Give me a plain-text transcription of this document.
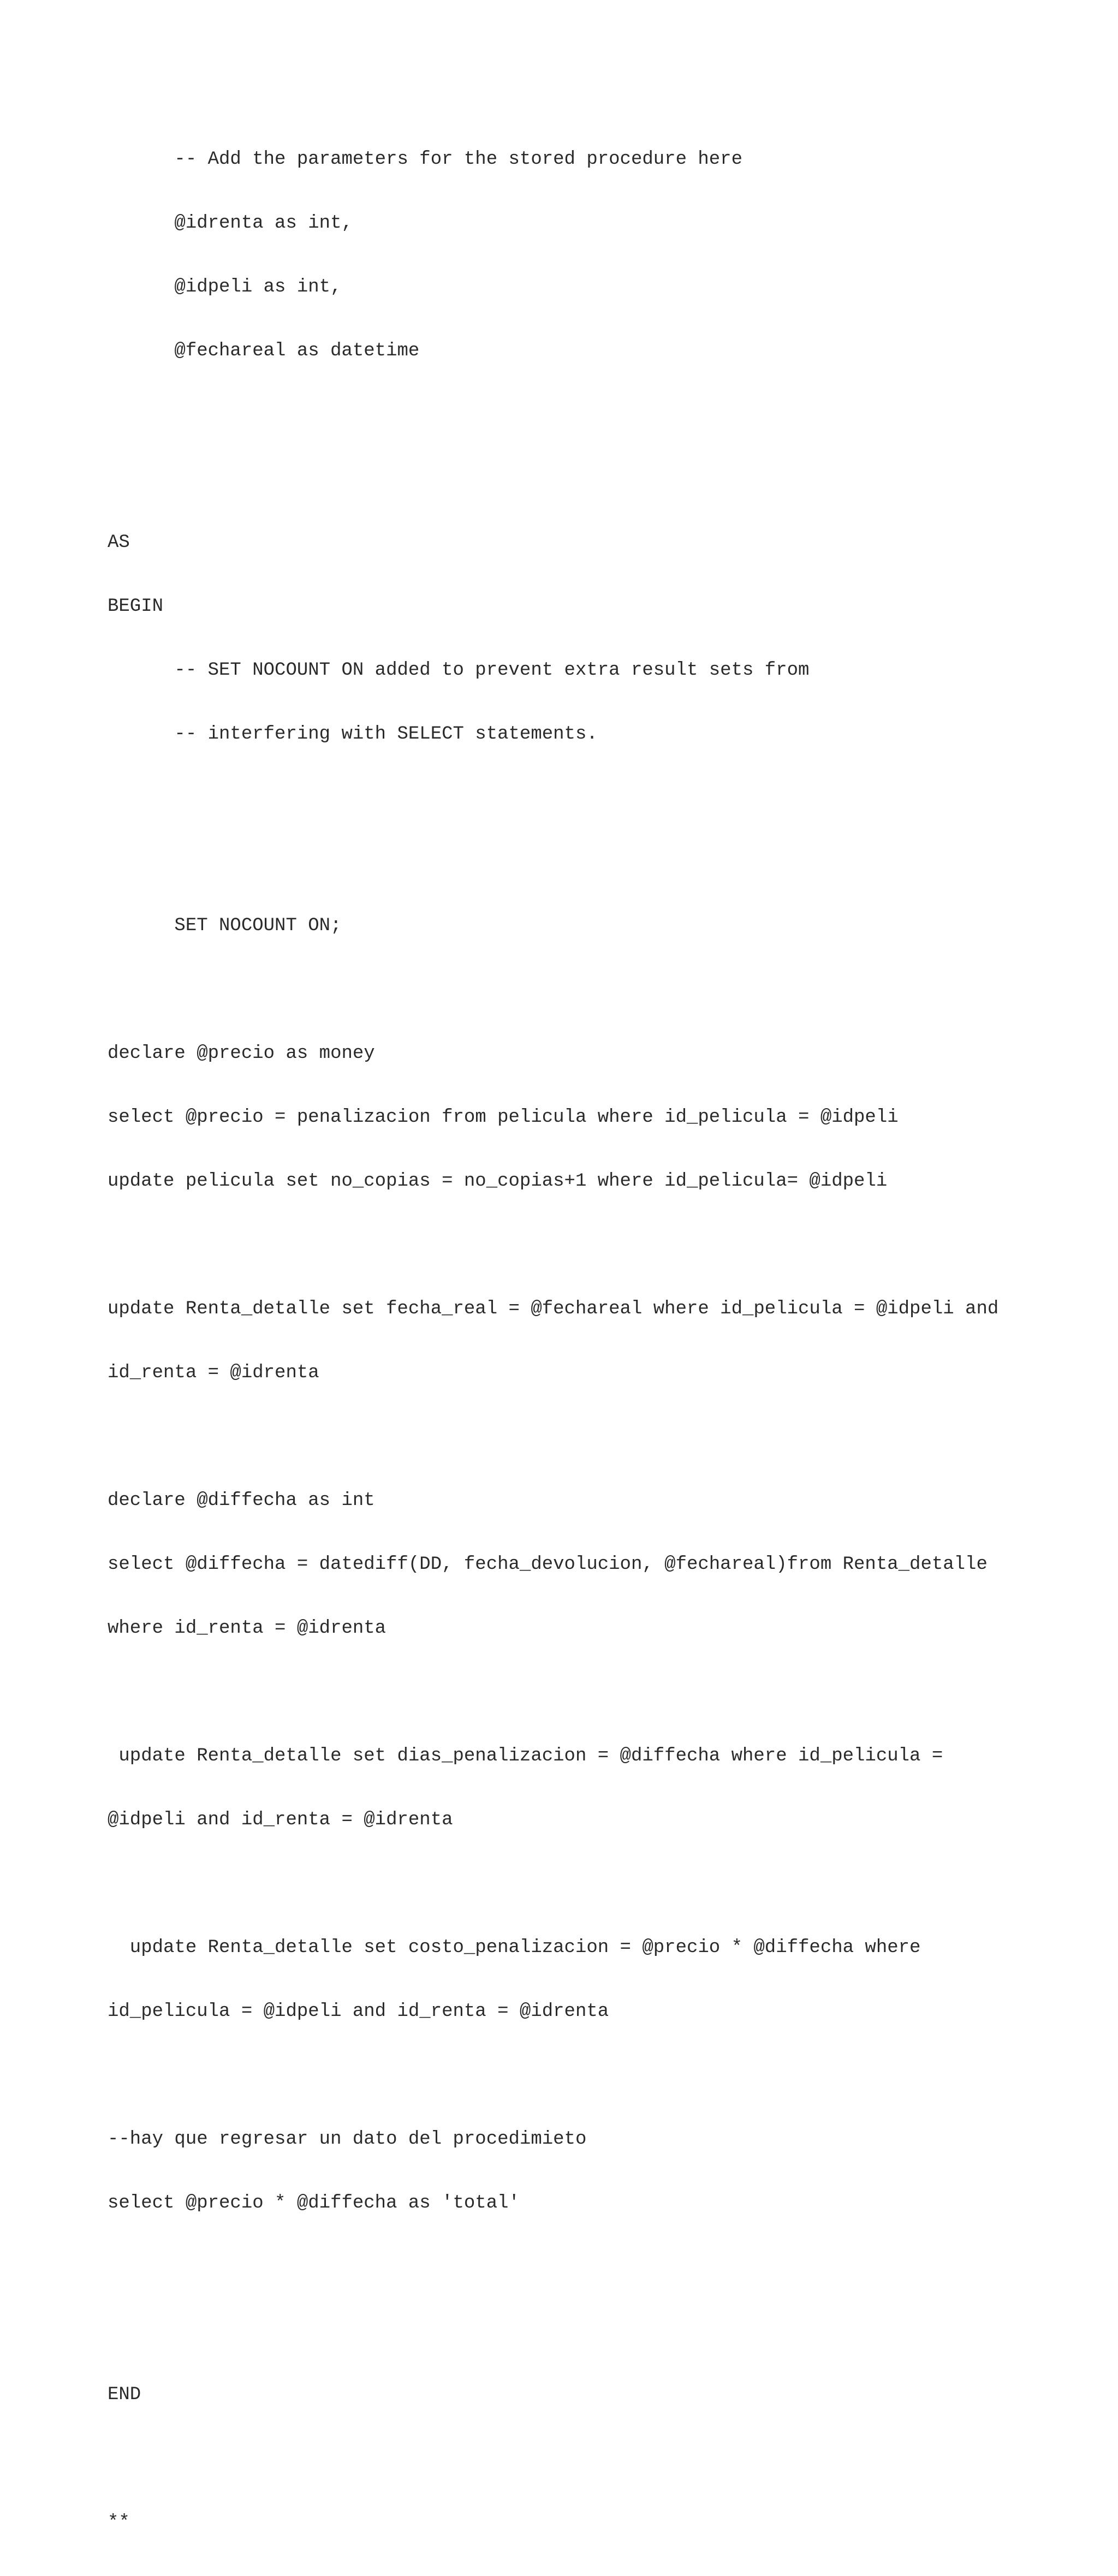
-- Add the parameters for the stored procedure here

@idrenta as int,

@idpeli as int,

@fechareal as datetime

AS

BEGIN

-- SET NOCOUNT ON added to prevent extra result sets from

-- interfering with SELECT statements.

SET NOCOUNT ON;

declare @precio as money

select @precio = penalizacion from pelicula where id_pelicula = @idpeli

update pelicula set no_copias = no_copias+1 where id_pelicula= @idpeli

update Renta_detalle set fecha_real = @fechareal where id_pelicula = @idpeli and

id_renta = @idrenta

declare @diffecha as int

select @diffecha = datediff(DD, fecha_devolucion, @fechareal)from Renta_detalle

where id_renta = @idrenta

update Renta_detalle set dias_penalizacion = @diffecha where id_pelicula =

@idpeli and id_renta = @idrenta

update Renta_detalle set costo_penalizacion = @precio * @diffecha where

id_pelicula = @idpeli and id_renta = @idrenta

--hay que regresar un dato del procedimieto

select @precio * @diffecha as 'total'

END

**
